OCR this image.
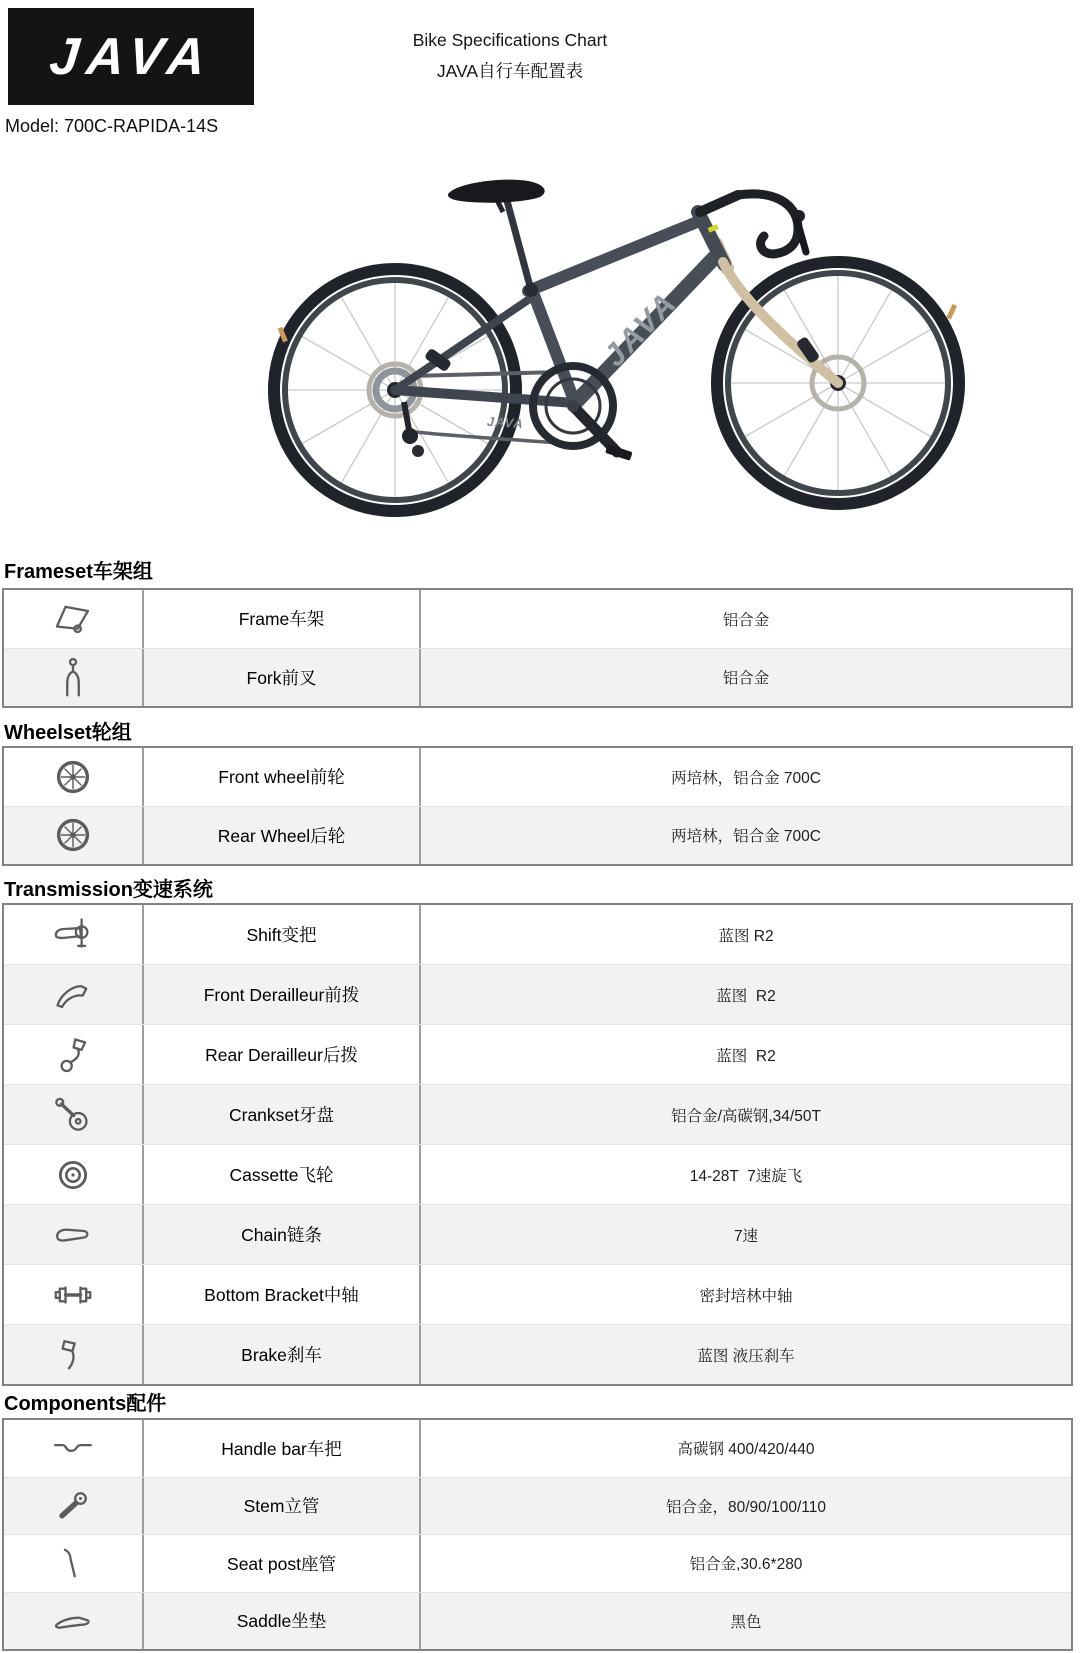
JAVA	Bike Specifications Chart
JAVA自行车配置表
Model: 700C-RAPIDA-14S
JAVA
JAVA
Frameset车架组
Frame车架	铝合金
Fork前叉	铝合金
Wheelset轮组
Front wheel前轮	两培林，铝合金 700C
Rear Wheel后轮	两培林，铝合金 700C
Transmission变速系统
Shift变把	蓝图 R2
Front Derailleur前拨	蓝图  R2
Rear Derailleur后拨	蓝图  R2
Crankset牙盘	铝合金/高碳钢,34/50T
Cassette飞轮	14-28T  7速旋飞
Chain链条	7速
Bottom Bracket中轴	密封培林中轴
Brake刹车	蓝图 液压刹车
Components配件
Handle bar车把	高碳钢 400/420/440
Stem立管	铝合金，80/90/100/110
Seat post座管	铝合金,30.6*280
Saddle坐垫	黑色
